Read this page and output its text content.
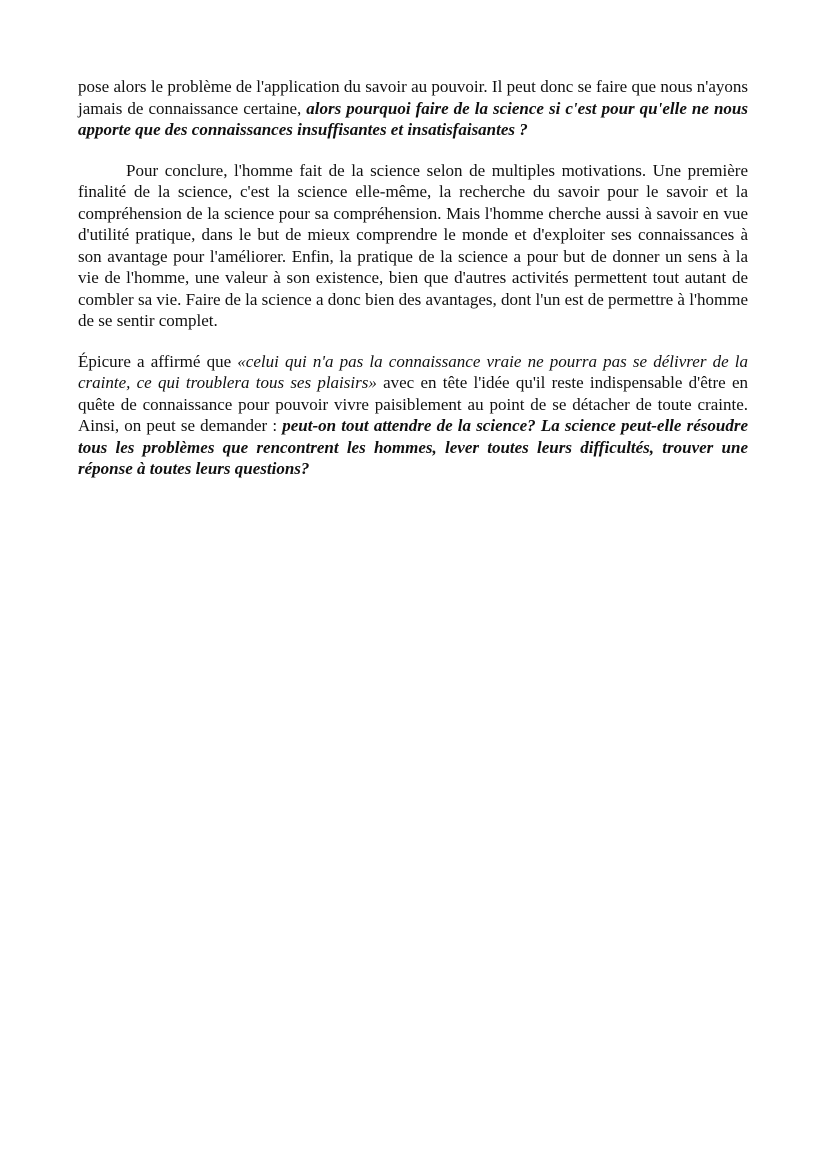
pose alors le problème de l'application du savoir au pouvoir. Il peut donc se faire que nous n'ayons jamais de connaissance certaine, alors pourquoi faire de la science si c'est pour qu'elle ne nous apporte que des connaissances insuffisantes et insatisfaisantes ?

Pour conclure, l'homme fait de la science selon de multiples motivations. Une première finalité de la science, c'est la science elle-même, la recherche du savoir pour le savoir et la compréhension de la science pour sa compréhension. Mais l'homme cherche aussi à savoir en vue d'utilité pratique, dans le but de mieux comprendre le monde et d'exploiter ses connaissances à son avantage pour l'améliorer. Enfin, la pratique de la science a pour but de donner un sens à la vie de l'homme, une valeur à son existence, bien que d'autres activités permettent tout autant de combler sa vie. Faire de la science a donc bien des avantages, dont l'un est de permettre à l'homme de se sentir complet.

Épicure a affirmé que «celui qui n'a pas la connaissance vraie ne pourra pas se délivrer de la crainte, ce qui troublera tous ses plaisirs» avec en tête l'idée qu'il reste indispensable d'être en quête de connaissance pour pouvoir vivre paisiblement au point de se détacher de toute crainte. Ainsi, on peut se demander : peut-on tout attendre de la science? La science peut-elle résoudre tous les problèmes que rencontrent les hommes, lever toutes leurs difficultés, trouver une réponse à toutes leurs questions?
